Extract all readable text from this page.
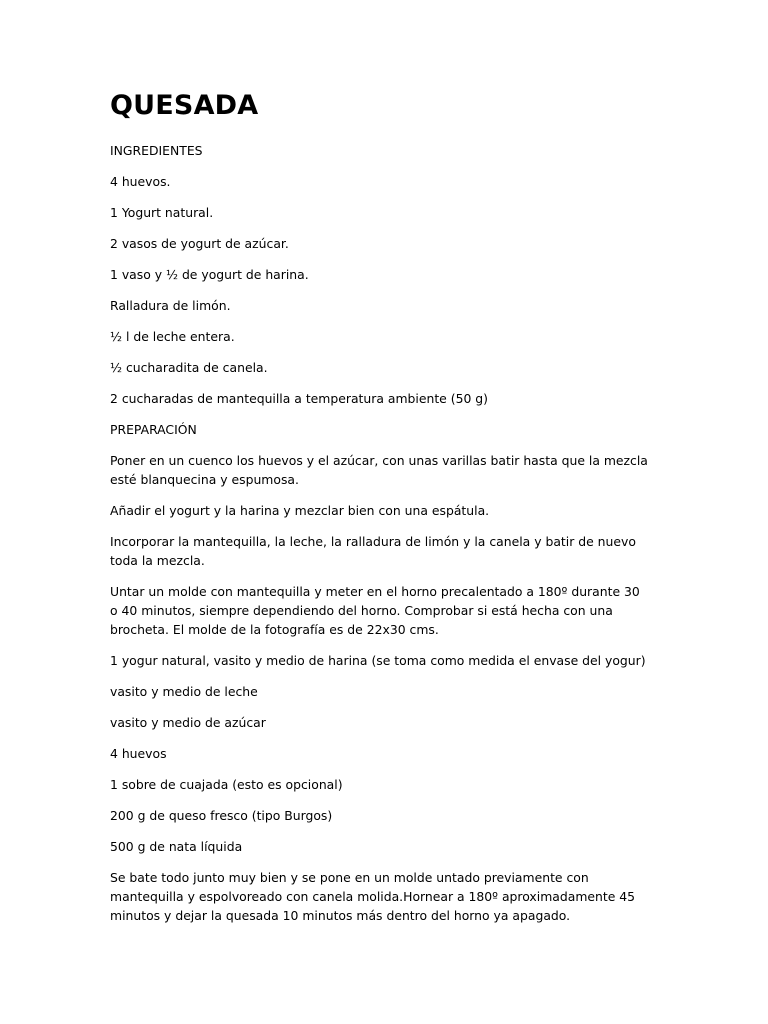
QUESADA

INGREDIENTES

4 huevos.

1 Yogurt natural.

2 vasos de yogurt de azúcar.

1 vaso y ½ de yogurt de harina.

Ralladura de limón.

½ l de leche entera.

½ cucharadita de canela.

2 cucharadas de mantequilla a temperatura ambiente (50 g)

PREPARACIÓN

Poner en un cuenco los huevos y el azúcar, con unas varillas batir hasta que la mezcla esté blanquecina y espumosa.

Añadir el yogurt y la harina y mezclar bien con una espátula.

Incorporar la mantequilla, la leche, la ralladura de limón y la canela y batir de nuevo toda la mezcla.

Untar un molde con mantequilla y meter en el horno precalentado a 180º durante 30 o 40 minutos, siempre dependiendo del horno. Comprobar si está hecha con una brocheta. El molde de la fotografía es de 22x30 cms.

1 yogur natural, vasito y medio de harina (se toma como medida el envase del yogur)

vasito y medio de leche

vasito y medio de azúcar

4 huevos

1 sobre de cuajada (esto es opcional)

200 g de queso fresco (tipo Burgos)

500 g de nata líquida

Se bate todo junto muy bien y se pone en un molde untado previamente con mantequilla y espolvoreado con canela molida.Hornear a 180º aproximadamente 45 minutos y dejar la quesada 10 minutos más dentro del horno ya apagado.
